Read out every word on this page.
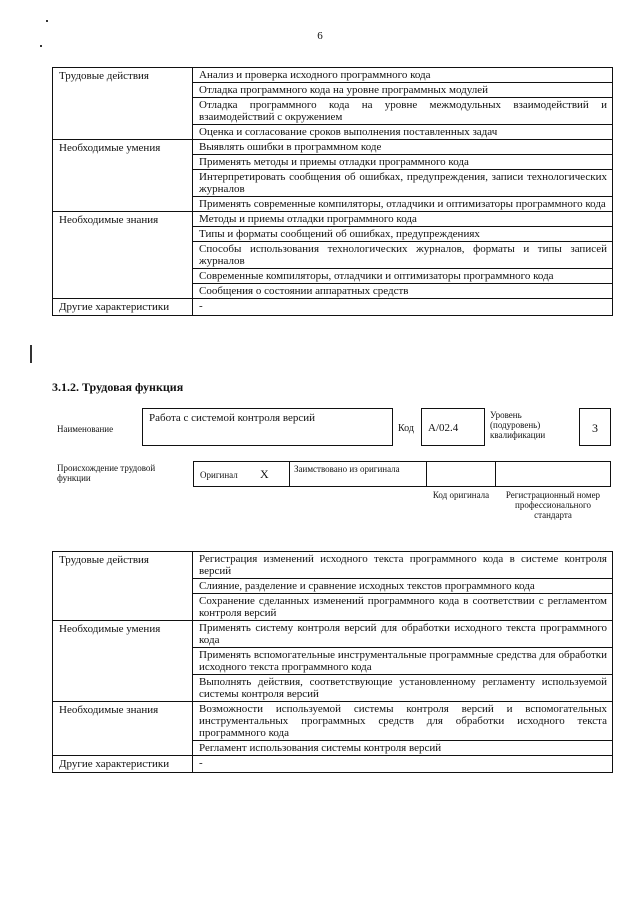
6
Трудовые действия	Анализ и проверка исходного программного кода
	Отладка программного кода на уровне программных модулей
	Отладка программного кода на уровне межмодульных взаимодействий и взаимодействий с окружением
	Оценка и согласование сроков выполнения поставленных задач
Необходимые умения	Выявлять ошибки в программном коде
	Применять методы и приемы отладки программного кода
	Интерпретировать сообщения об ошибках, предупреждения, записи технологических журналов
	Применять современные компиляторы, отладчики и оптимизаторы программного кода
Необходимые знания	Методы и приемы отладки программного кода
	Типы и форматы сообщений об ошибках, предупреждениях
	Способы использования технологических журналов, форматы и типы записей журналов
	Современные компиляторы, отладчики и оптимизаторы программного кода
	Сообщения о состоянии аппаратных средств
Другие характеристики	-
3.1.2. Трудовая функция
Наименование
Работа с системой контроля версий
Код	A/02.4
Уровень (подуровень) квалификации	3
Происхождение трудовой функции	Оригинал X	Заимствовано из оригинала
Код оригинала	Регистрационный номер профессионального стандарта
Трудовые действия	Регистрация изменений исходного текста программного кода в системе контроля версий
	Слияние, разделение и сравнение исходных текстов программного кода
	Сохранение сделанных изменений программного кода в соответствии с регламентом контроля версий
Необходимые умения	Применять систему контроля версий для обработки исходного текста программного кода
	Применять вспомогательные инструментальные программные средства для обработки исходного текста программного кода
	Выполнять действия, соответствующие установленному регламенту используемой системы контроля версий
Необходимые знания	Возможности используемой системы контроля версий и вспомогательных инструментальных программных средств для обработки исходного текста программного кода
	Регламент использования системы контроля версий
Другие характеристики	-
